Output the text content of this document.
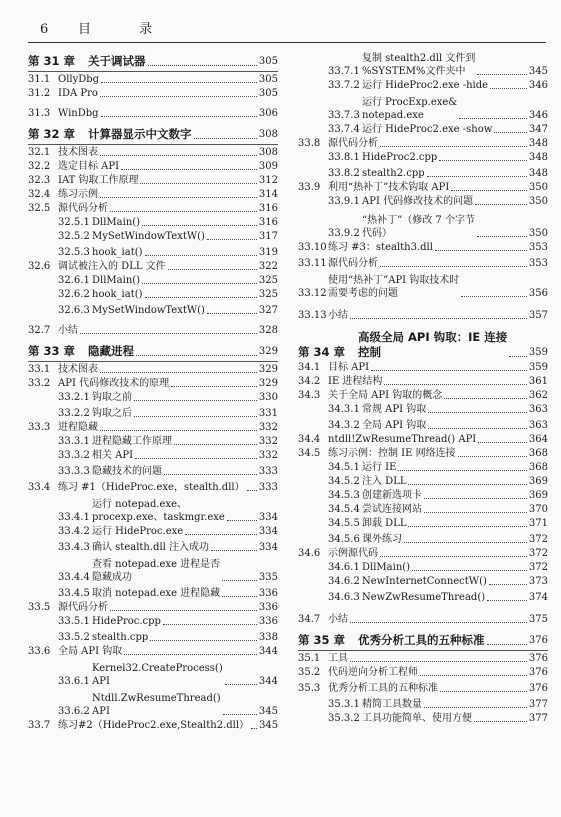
6 目 录
第 31 章	关于调试器	305
31.1 OllyDbg	305
31.2 IDA Pro	305
31.3 WinDbg	306
第 32 章	计算器显示中文数字	308
32.1 技术图表	308
32.2 选定目标 API	309
32.3 IAT 钩取工作原理	312
32.4 练习示例	314
32.5 源代码分析	316
32.5.1 DllMain()	316
32.5.2 MySetWindowTextW()	317
32.5.3 hook_iat()	319
32.6 调试被注入的 DLL 文件	322
32.6.1 DllMain()	325
32.6.2 hook_iat()	325
32.6.3 MySetWindowTextW()	327
32.7 小结	328
第 33 章	隐藏进程	329
33.1 技术图表	329
33.2 API 代码修改技术的原理	329
33.2.1 钩取之前	330
33.2.2 钩取之后	331
33.3 进程隐藏	332
33.3.1 进程隐藏工作原理	332
33.3.2 相关 API	332
33.3.3 隐藏技术的问题	333
33.4 练习 #1（HideProc.exe，stealth.dll） 333
33.4.1
运行 notepad.exe、
procexp.exe、taskmgr.exe	334
33.4.2 运行 HideProc.exe	334
33.4.3 确认 stealth.dll 注入成功	334
33.4.4
查看 notepad.exe 进程是否
隐藏成功	335
33.4.5 取消 notepad.exe 进程隐藏	336
33.5 源代码分析	336
33.5.1 HideProc.cpp	336
33.5.2 stealth.cpp	338
33.6 全局 API 钩取	344
33.6.1
Kernel32.CreateProcess()
API	344
33.6.2
Ntdll.ZwResumeThread()
API	345
33.7 练习#2（HideProc2.exe,Stealth2.dll） 345
33.7.1
复制 stealth2.dll 文件到
%SYSTEM%文件夹中	345
33.7.2 运行 HideProc2.exe -hide	346
33.7.3
运行 ProcExp.exe&
notepad.exe	346
33.7.4 运行 HideProc2.exe -show	347
33.8 源代码分析	348
33.8.1 HideProc2.cpp	348
33.8.2 stealth2.cpp	348
33.9 利用“热补丁”技术钩取 API	350
33.9.1 API 代码修改技术的问题	350
33.9.2
“热补丁”（修改 7 个字节
代码）	350
33.10 练习 #3：stealth3.dll	353
33.11 源代码分析	353
33.12
使用“热补丁”API 钩取技术时
需要考虑的问题	356
33.13 小结	357
第 34 章
高级全局 API 钩取：IE 连接
控制	359
34.1 目标 API	359
34.2 IE 进程结构	361
34.3 关于全局 API 钩取的概念	362
34.3.1 常规 API 钩取	363
34.3.2 全局 API 钩取	363
34.4 ntdll!ZwResumeThread() API	364
34.5 练习示例：控制 IE 网络连接	368
34.5.1 运行 IE	368
34.5.2 注入 DLL	369
34.5.3 创建新选项卡	369
34.5.4 尝试连接网站	370
34.5.5 卸载 DLL	371
34.5.6 课外练习	372
34.6 示例源代码	372
34.6.1 DllMain()	372
34.6.2 NewInternetConnectW()	373
34.6.3 NewZwResumeThread()	374
34.7 小结	375
第 35 章	优秀分析工具的五种标准	376
35.1 工具	376
35.2 代码逆向分析工程师	376
35.3 优秀分析工具的五种标准	376
35.3.1 精简工具数量	377
35.3.2 工具功能简单、使用方便	377
